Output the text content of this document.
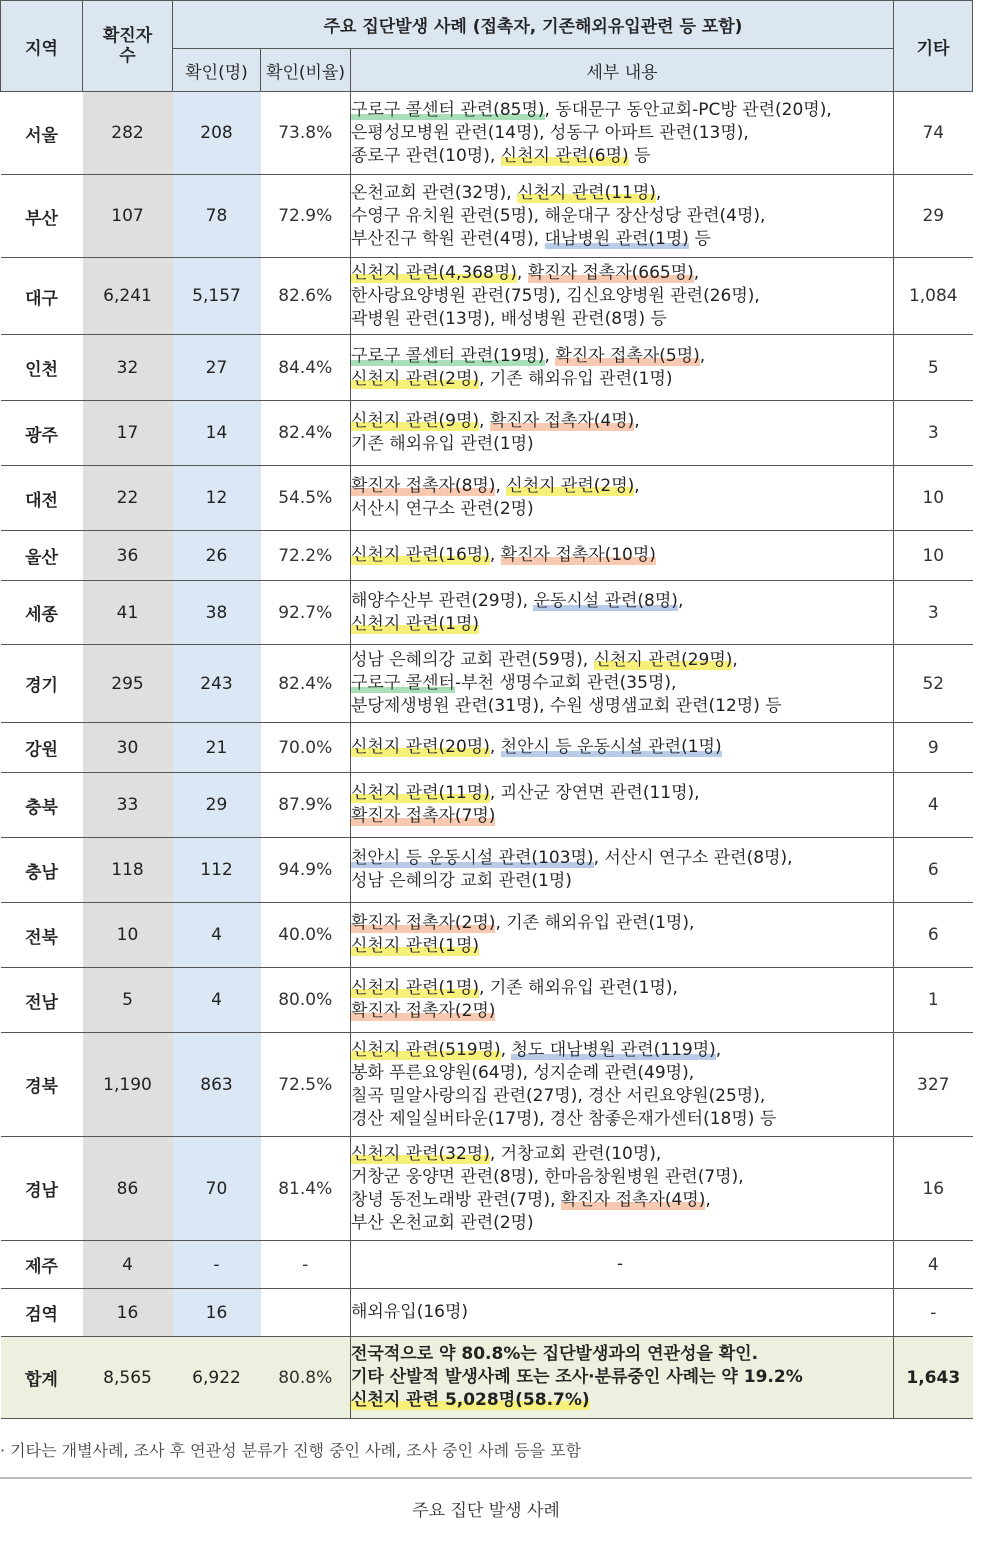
지역	확진자
수	주요 집단발생 사례 (접촉자, 기존해외유입관련 등 포함)			기타
		확인(명)	확인(비율)	세부 내용	
서울	282	208	73.8%	구로구 콜센터 관련(85명), 동대문구 동안교회-PC방 관련(20명),
은평성모병원 관련(14명), 성동구 아파트 관련(13명),
종로구 관련(10명), 신천지 관련(6명) 등	74
부산	107	78	72.9%	온천교회 관련(32명), 신천지 관련(11명),
수영구 유치원 관련(5명), 해운대구 장산성당 관련(4명),
부산진구 학원 관련(4명), 대남병원 관련(1명) 등	29
대구	6,241	5,157	82.6%	신천지 관련(4,368명), 확진자 접촉자(665명),
한사랑요양병원 관련(75명), 김신요양병원 관련(26명),
곽병원 관련(13명), 배성병원 관련(8명) 등	1,084
인천	32	27	84.4%	구로구 콜센터 관련(19명), 확진자 접촉자(5명),
신천지 관련(2명), 기존 해외유입 관련(1명)	5
광주	17	14	82.4%	신천지 관련(9명), 확진자 접촉자(4명),
기존 해외유입 관련(1명)	3
대전	22	12	54.5%	확진자 접촉자(8명), 신천지 관련(2명),
서산시 연구소 관련(2명)	10
울산	36	26	72.2%	신천지 관련(16명), 확진자 접촉자(10명)	10
세종	41	38	92.7%	해양수산부 관련(29명), 운동시설 관련(8명),
신천지 관련(1명)	3
경기	295	243	82.4%	성남 은혜의강 교회 관련(59명), 신천지 관련(29명),
구로구 콜센터-부천 생명수교회 관련(35명),
분당제생병원 관련(31명), 수원 생명샘교회 관련(12명) 등	52
강원	30	21	70.0%	신천지 관련(20명), 천안시 등 운동시설 관련(1명)	9
충북	33	29	87.9%	신천지 관련(11명), 괴산군 장연면 관련(11명),
확진자 접촉자(7명)	4
충남	118	112	94.9%	천안시 등 운동시설 관련(103명), 서산시 연구소 관련(8명),
성남 은혜의강 교회 관련(1명)	6
전북	10	4	40.0%	확진자 접촉자(2명), 기존 해외유입 관련(1명),
신천지 관련(1명)	6
전남	5	4	80.0%	신천지 관련(1명), 기존 해외유입 관련(1명),
확진자 접촉자(2명)	1
경북	1,190	863	72.5%	신천지 관련(519명), 청도 대남병원 관련(119명),
봉화 푸른요양원(64명), 성지순례 관련(49명),
칠곡 밀알사랑의집 관련(27명), 경산 서린요양원(25명),
경산 제일실버타운(17명), 경산 참좋은재가센터(18명) 등	327
경남	86	70	81.4%	신천지 관련(32명), 거창교회 관련(10명),
거창군 웅양면 관련(8명), 한마음창원병원 관련(7명),
창녕 동전노래방 관련(7명), 확진자 접촉자(4명),
부산 온천교회 관련(2명)	16
제주	4	-	-	-	4
검역	16	16		해외유입(16명)	-
합계	8,565	6,922	80.8%	전국적으로 약 80.8%는 집단발생과의 연관성을 확인.
기타 산발적 발생사례 또는 조사·분류중인 사례는 약 19.2%
신천지 관련 5,028명(58.7%)	1,643
· 기타는 개별사례, 조사 후 연관성 분류가 진행 중인 사례, 조사 중인 사례 등을 포함
주요 집단 발생 사례
